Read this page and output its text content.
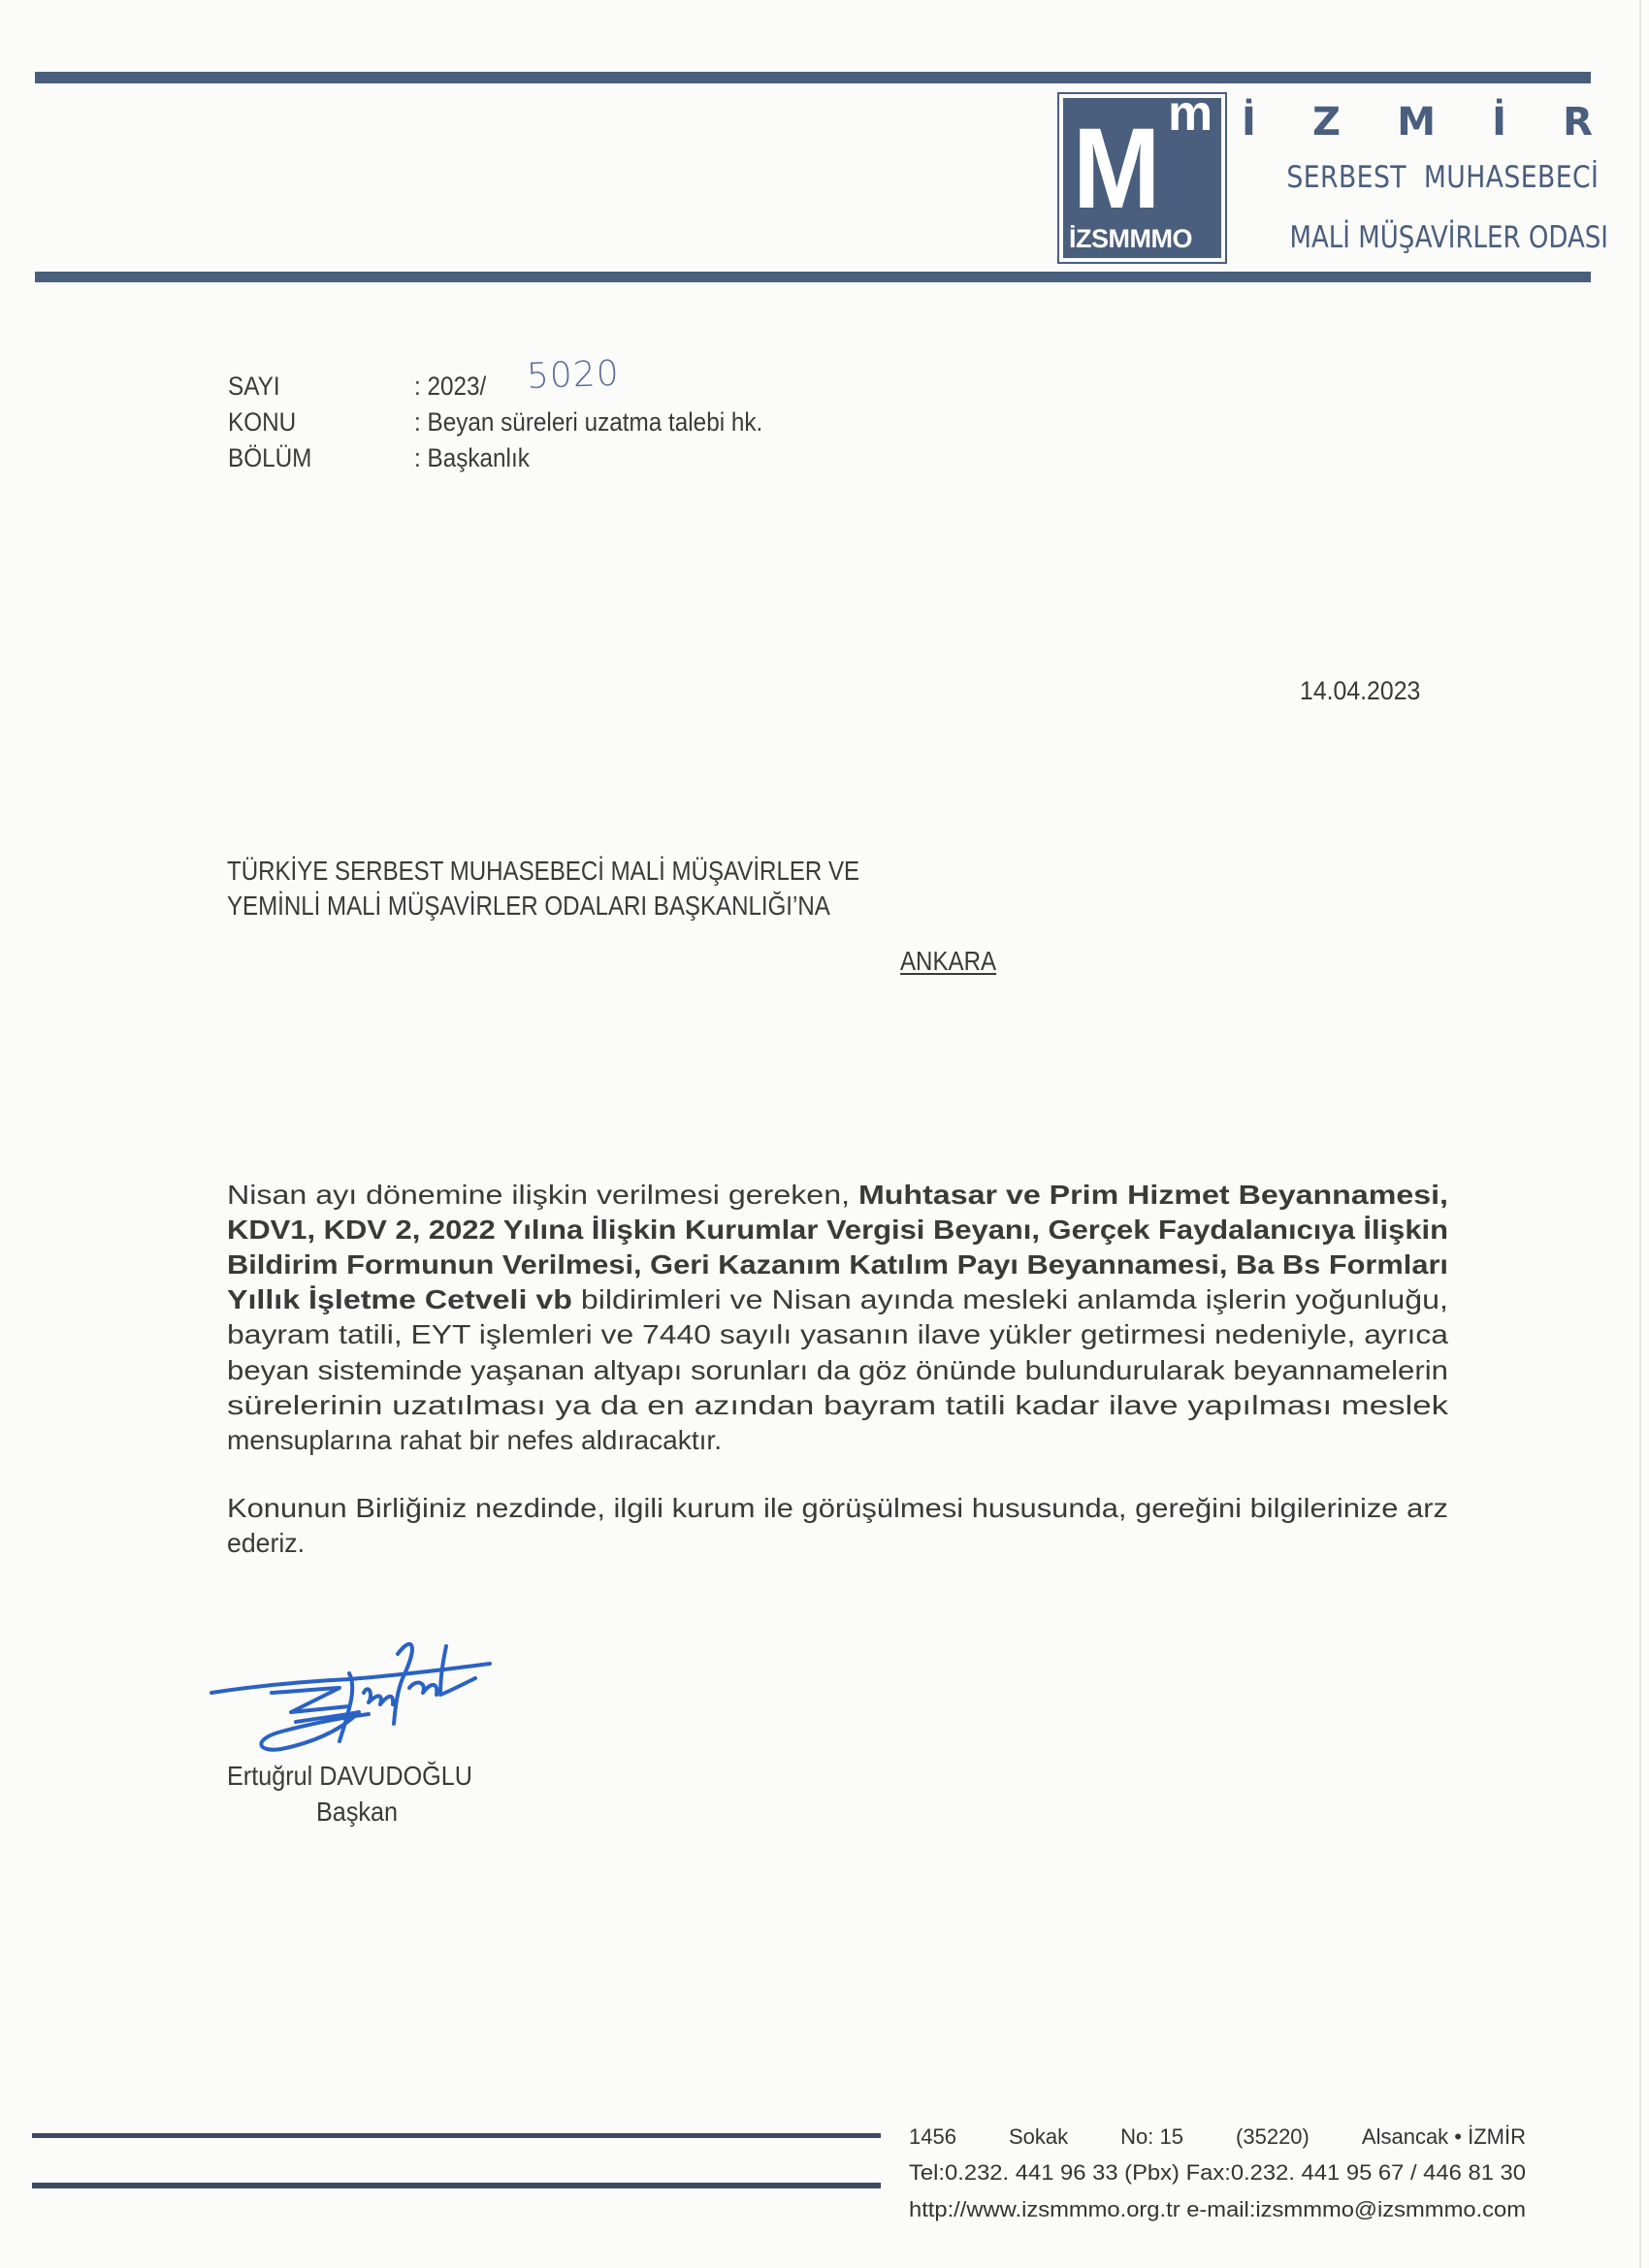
M m
İZSMMMO
İ Z M İ R
SERBEST  MUHASEBECİ
MALİ MÜŞAVİRLER ODASI
SAYI	: 2023/ 5020
KONU	: Beyan süreleri uzatma talebi hk.
BÖLÜM	: Başkanlık
14.04.2023
TÜRKİYE SERBEST MUHASEBECİ MALİ MÜŞAVİRLER VE
YEMİNLİ MALİ MÜŞAVİRLER ODALARI BAŞKANLIĞI’NA
ANKARA
Nisan ayı dönemine ilişkin verilmesi gereken, Muhtasar ve Prim Hizmet Beyannamesi,
KDV1, KDV 2, 2022 Yılına İlişkin Kurumlar Vergisi Beyanı, Gerçek Faydalanıcıya İlişkin
Bildirim Formunun Verilmesi, Geri Kazanım Katılım Payı Beyannamesi, Ba Bs Formları
Yıllık İşletme Cetveli vb bildirimleri ve Nisan ayında mesleki anlamda işlerin yoğunluğu,
bayram tatili, EYT işlemleri ve 7440 sayılı yasanın ilave yükler getirmesi nedeniyle, ayrıca
beyan sisteminde yaşanan altyapı sorunları da göz önünde bulundurularak beyannamelerin
sürelerinin uzatılması ya da en azından bayram tatili kadar ilave yapılması meslek
mensuplarına rahat bir nefes aldıracaktır.
Konunun Birliğiniz nezdinde, ilgili kurum ile görüşülmesi hususunda, gereğini bilgilerinize arz
ederiz.
Ertuğrul DAVUDOĞLU
Başkan
1456 Sokak No: 15 (35220) Alsancak • İZMİR
Tel:0.232. 441 96 33 (Pbx) Fax:0.232. 441 95 67 / 446 81 30
http://www.izsmmmo.org.tr e-mail:izsmmmo@izsmmmo.com
